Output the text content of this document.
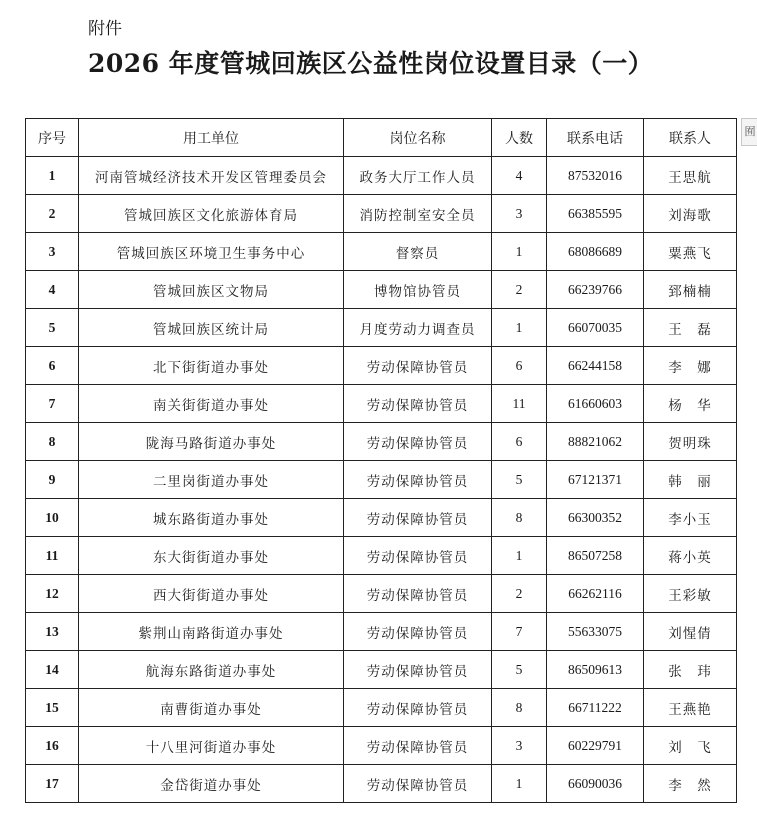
附件
2026 年度管城回族区公益性岗位设置目录（一）
囿
序号	用工单位	岗位名称	人数	联系电话	联系人
1	河南管城经济技术开发区管理委员会	政务大厅工作人员	4	87532016	王思航
2	管城回族区文化旅游体育局	消防控制室安全员	3	66385595	刘海歌
3	管城回族区环境卫生事务中心	督察员	1	68086689	粟燕飞
4	管城回族区文物局	博物馆协管员	2	66239766	郅楠楠
5	管城回族区统计局	月度劳动力调查员	1	66070035	王　磊
6	北下街街道办事处	劳动保障协管员	6	66244158	李　娜
7	南关街街道办事处	劳动保障协管员	11	61660603	杨　华
8	陇海马路街道办事处	劳动保障协管员	6	88821062	贺明珠
9	二里岗街道办事处	劳动保障协管员	5	67121371	韩　丽
10	城东路街道办事处	劳动保障协管员	8	66300352	李小玉
11	东大街街道办事处	劳动保障协管员	1	86507258	蒋小英
12	西大街街道办事处	劳动保障协管员	2	66262116	王彩敏
13	紫荆山南路街道办事处	劳动保障协管员	7	55633075	刘惺倩
14	航海东路街道办事处	劳动保障协管员	5	86509613	张　玮
15	南曹街道办事处	劳动保障协管员	8	66711222	王燕艳
16	十八里河街道办事处	劳动保障协管员	3	60229791	刘　飞
17	金岱街道办事处	劳动保障协管员	1	66090036	李　然
